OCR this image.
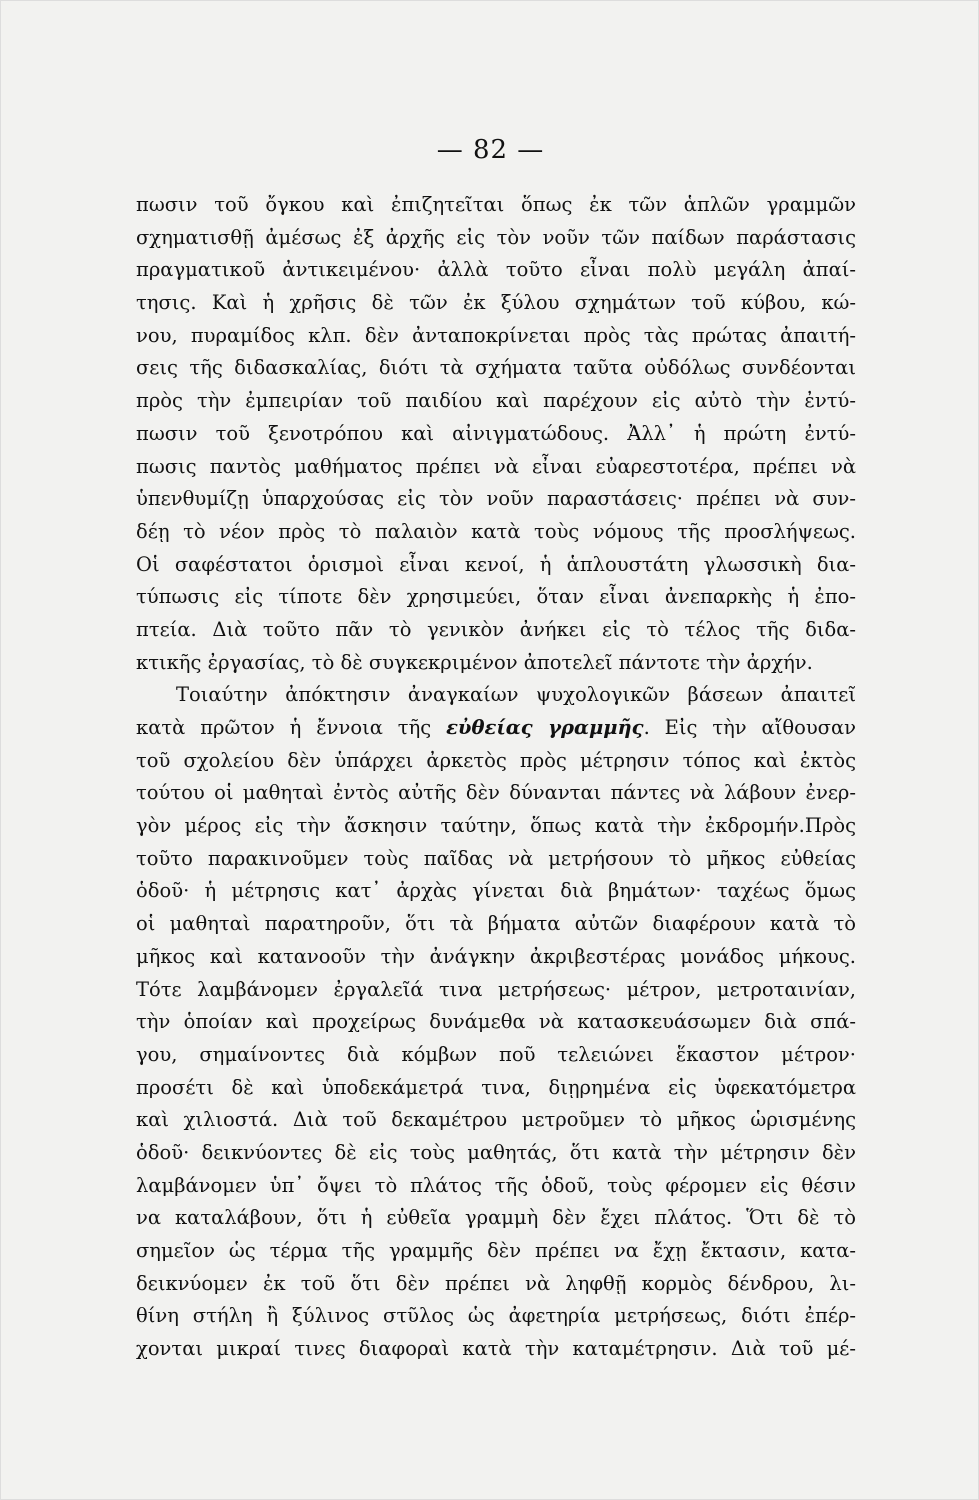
— 82 —
πωσιν τοῦ ὄγκου καὶ ἐπιζητεῖται ὅπως ἐκ τῶν ἁπλῶν γραμμῶν
σχηματισθῇ ἀμέσως ἐξ ἀρχῆς εἰς τὸν νοῦν τῶν παίδων παράστασις
πραγματικοῦ ἀντικειμένου· ἀλλὰ τοῦτο εἶναι πολὺ μεγάλη ἀπαί-
τησις. Καὶ ἡ χρῆσις δὲ τῶν ἐκ ξύλου σχημάτων τοῦ κύβου, κώ-
νου, πυραμίδος κλπ. δὲν ἀνταποκρίνεται πρὸς τὰς πρώτας ἀπαιτή-
σεις τῆς διδασκαλίας, διότι τὰ σχήματα ταῦτα οὐδόλως συνδέονται
πρὸς τὴν ἐμπειρίαν τοῦ παιδίου καὶ παρέχουν εἰς αὐτὸ τὴν ἐντύ-
πωσιν τοῦ ξενοτρόπου καὶ αἰνιγματώδους. Ἀλλ᾽ ἡ πρώτη ἐντύ-
πωσις παντὸς μαθήματος πρέπει νὰ εἶναι εὐαρεστοτέρα, πρέπει νὰ
ὑπενθυμίζῃ ὑπαρχούσας εἰς τὸν νοῦν παραστάσεις· πρέπει νὰ συν-
δέῃ τὸ νέον πρὸς τὸ παλαιὸν κατὰ τοὺς νόμους τῆς προσλήψεως.
Οἱ σαφέστατοι ὁρισμοὶ εἶναι κενοί, ἡ ἁπλουστάτη γλωσσικὴ δια-
τύπωσις εἰς τίποτε δὲν χρησιμεύει, ὅταν εἶναι ἀνεπαρκὴς ἡ ἐπο-
πτεία. Διὰ τοῦτο πᾶν τὸ γενικὸν ἀνήκει εἰς τὸ τέλος τῆς διδα-
κτικῆς ἐργασίας, τὸ δὲ συγκεκριμένον ἀποτελεῖ πάντοτε τὴν ἀρχήν.
Τοιαύτην ἀπόκτησιν ἀναγκαίων ψυχολογικῶν βάσεων ἀπαιτεῖ
κατὰ πρῶτον ἡ ἔννοια τῆς εὐθείας γραμμῆς. Εἰς τὴν αἴθουσαν
τοῦ σχολείου δὲν ὑπάρχει ἀρκετὸς πρὸς μέτρησιν τόπος καὶ ἐκτὸς
τούτου οἱ μαθηταὶ ἐντὸς αὐτῆς δὲν δύνανται πάντες νὰ λάβουν ἐνερ-
γὸν μέρος εἰς τὴν ἄσκησιν ταύτην, ὅπως κατὰ τὴν ἐκδρομήν.Πρὸς
τοῦτο παρακινοῦμεν τοὺς παῖδας νὰ μετρήσουν τὸ μῆκος εὐθείας
ὁδοῦ· ἡ μέτρησις κατ᾽ ἀρχὰς γίνεται διὰ βημάτων· ταχέως ὅμως
οἱ μαθηταὶ παρατηροῦν, ὅτι τὰ βήματα αὐτῶν διαφέρουν κατὰ τὸ
μῆκος καὶ κατανοοῦν τὴν ἀνάγκην ἀκριβεστέρας μονάδος μήκους.
Τότε λαμβάνομεν ἐργαλεῖά τινα μετρήσεως· μέτρον, μετροταινίαν,
τὴν ὁποίαν καὶ προχείρως δυνάμεθα νὰ κατασκευάσωμεν διὰ σπά-
γου, σημαίνοντες διὰ κόμβων ποῦ τελειώνει ἕκαστον μέτρον·
προσέτι δὲ καὶ ὑποδεκάμετρά τινα, διῃρημένα εἰς ὑφεκατόμετρα
καὶ χιλιοστά. Διὰ τοῦ δεκαμέτρου μετροῦμεν τὸ μῆκος ὡρισμένης
ὁδοῦ· δεικνύοντες δὲ εἰς τοὺς μαθητάς, ὅτι κατὰ τὴν μέτρησιν δὲν
λαμβάνομεν ὑπ᾽ ὄψει τὸ πλάτος τῆς ὁδοῦ, τοὺς φέρομεν εἰς θέσιν
να καταλάβουν, ὅτι ἡ εὐθεῖα γραμμὴ δὲν ἔχει πλάτος. Ὅτι δὲ τὸ
σημεῖον ὡς τέρμα τῆς γραμμῆς δὲν πρέπει να ἔχῃ ἔκτασιν, κατα-
δεικνύομεν ἐκ τοῦ ὅτι δὲν πρέπει νὰ ληφθῇ κορμὸς δένδρου, λι-
θίνη στήλη ἢ ξύλινος στῦλος ὡς ἀφετηρία μετρήσεως, διότι ἐπέρ-
χονται μικραί τινες διαφοραὶ κατὰ τὴν καταμέτρησιν. Διὰ τοῦ μέ-
